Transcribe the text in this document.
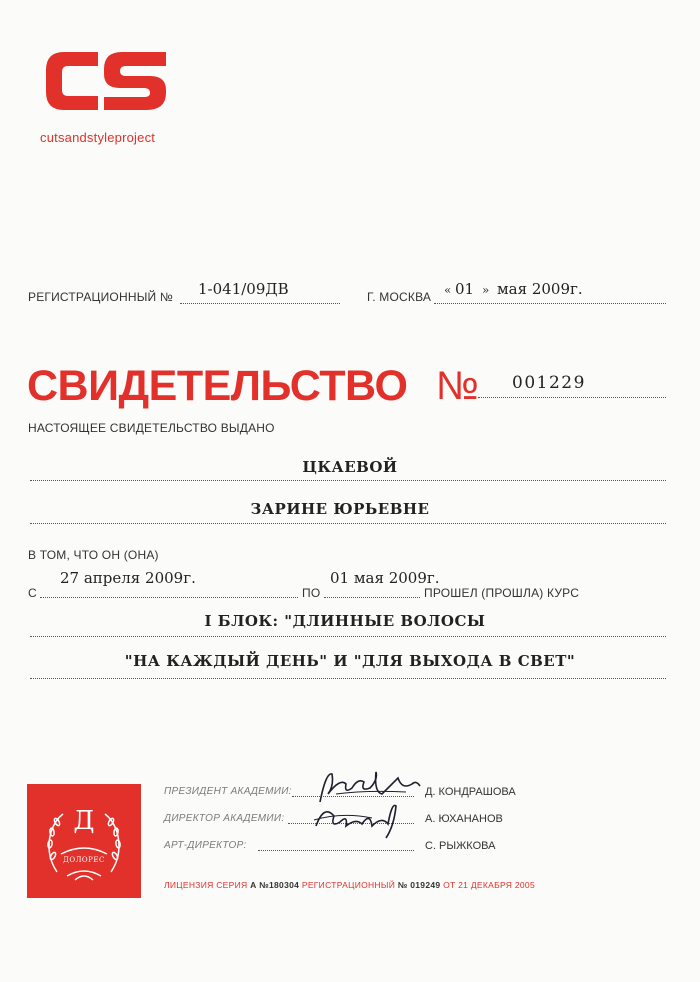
cutsandstyleproject
РЕГИСТРАЦИОННЫЙ № 1-041/09ДВ	Г. МОСКВА « 01 » мая 2009г.
СВИДЕТЕЛЬСТВО № 001229
НАСТОЯЩЕЕ СВИДЕТЕЛЬСТВО ВЫДАНО
ЦКАЕВОЙ
ЗАРИНЕ ЮРЬЕВНЕ
В ТОМ, ЧТО ОН (ОНА)
С
27 апреля 2009г.
ПО
01 мая 2009г.
ПРОШЕЛ (ПРОШЛА) КУРС
I БЛОК: "ДЛИННЫЕ ВОЛОСЫ
"НА КАЖДЫЙ ДЕНЬ" И "ДЛЯ ВЫХОДА В СВЕТ"
Д
ДОЛОРЕС
ПРЕЗИДЕНТ АКАДЕМИИ:	Д. КОНДРАШОВА
ДИРЕКТОР АКАДЕМИИ:	А. ЮХАНАНОВ
АРТ-ДИРЕКТОР:	С. РЫЖКОВА
ЛИЦЕНЗИЯ СЕРИЯ А №180304 РЕГИСТРАЦИОННЫЙ № 019249 ОТ 21 ДЕКАБРЯ 2005
